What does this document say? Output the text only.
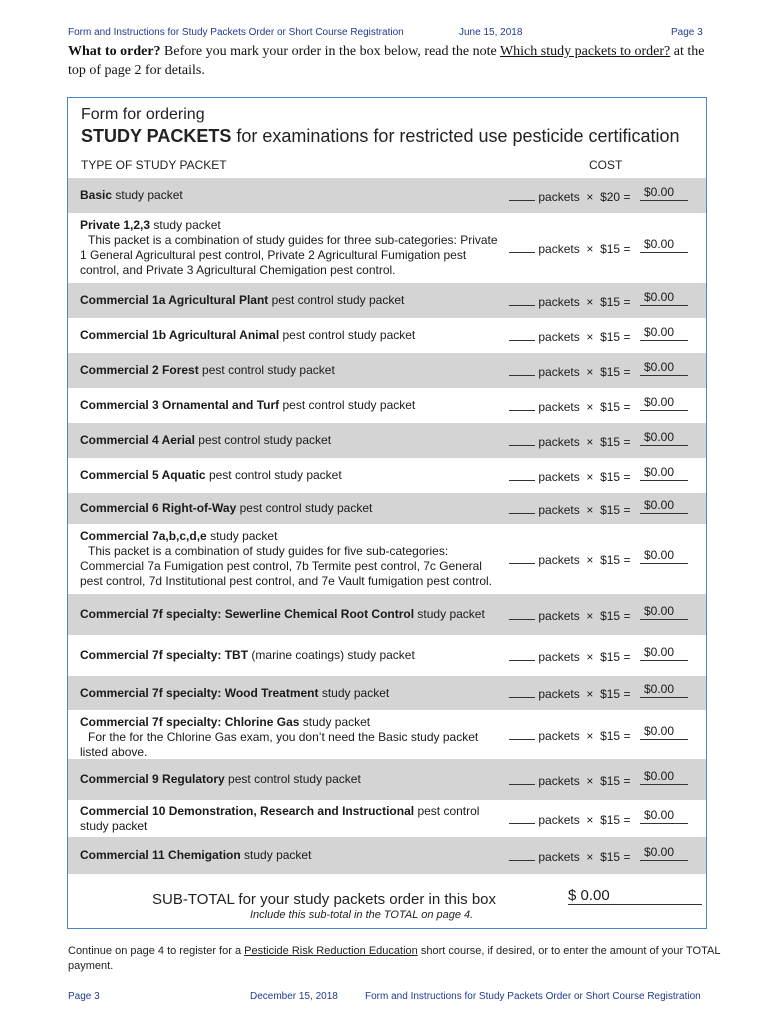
Form and Instructions for Study Packets Order or Short Course Registration	June 15, 2018	Page 3
What to order? Before you mark your order in the box below, read the note Which study packets to order? at the top of page 2 for details.
Form for ordering
STUDY PACKETS for examinations for restricted use pesticide certification
TYPE OF STUDY PACKET	COST
Basic study packet	packets × $20 =	$0.00
Private 1,2,3 study packet
This packet is a combination of study guides for three sub-categories: Private 1 General Agricultural pest control, Private 2 Agricultural Fumigation pest control, and Private 3 Agricultural Chemigation pest control.
packets × $15 =	$0.00
Commercial 1a Agricultural Plant pest control study packet	packets × $15 =	$0.00
Commercial 1b Agricultural Animal pest control study packet	packets × $15 =	$0.00
Commercial 2 Forest pest control study packet	packets × $15 =	$0.00
Commercial 3 Ornamental and Turf pest control study packet	packets × $15 =	$0.00
Commercial 4 Aerial pest control study packet	packets × $15 =	$0.00
Commercial 5 Aquatic pest control study packet	packets × $15 =	$0.00
Commercial 6 Right-of-Way pest control study packet	packets × $15 =	$0.00
Commercial 7a,b,c,d,e study packet
This packet is a combination of study guides for five sub-categories: Commercial 7a Fumigation pest control, 7b Termite pest control, 7c General pest control, 7d Institutional pest control, and 7e Vault fumigation pest control.
packets × $15 =	$0.00
Commercial 7f specialty: Sewerline Chemical Root Control study packet	packets × $15 =	$0.00
Commercial 7f specialty: TBT (marine coatings) study packet	packets × $15 =	$0.00
Commercial 7f specialty: Wood Treatment study packet	packets × $15 =	$0.00
Commercial 7f specialty: Chlorine Gas study packet
For the for the Chlorine Gas exam, you don’t need the Basic study packet listed above.
packets × $15 =	$0.00
Commercial 9 Regulatory pest control study packet	packets × $15 =	$0.00
Commercial 10 Demonstration, Research and Instructional pest control study packet	packets × $15 =	$0.00
Commercial 11 Chemigation study packet	packets × $15 =	$0.00
SUB-TOTAL for your study packets order in this box
Include this sub-total in the TOTAL on page 4.
$ 0.00
Continue on page 4 to register for a Pesticide Risk Reduction Education short course, if desired, or to enter the amount of your TOTAL payment.
Page 3	December 15, 2018	Form and Instructions for Study Packets Order or Short Course Registration
